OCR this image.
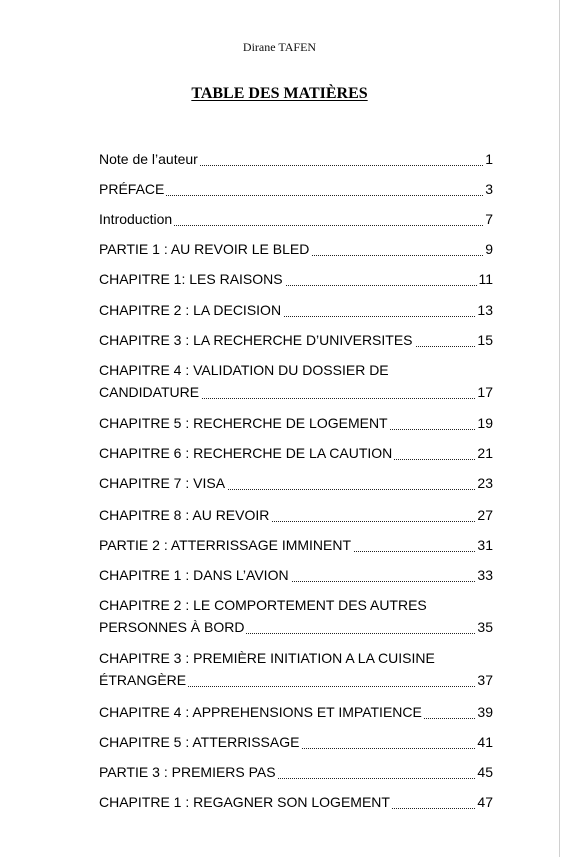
Dirane TAFEN
TABLE DES MATIÈRES
Note de l’auteur	1
PRÉFACE	3
Introduction	7
PARTIE 1 : AU REVOIR LE BLED	9
CHAPITRE 1: LES RAISONS	11
CHAPITRE 2 : LA DECISION	13
CHAPITRE 3 : LA RECHERCHE D’UNIVERSITES	15
CHAPITRE 4 : VALIDATION DU DOSSIER DE
CANDIDATURE	17
CHAPITRE 5 : RECHERCHE DE LOGEMENT	19
CHAPITRE 6 : RECHERCHE DE LA CAUTION	21
CHAPITRE 7 : VISA	23
CHAPITRE 8 : AU REVOIR	27
PARTIE 2 : ATTERRISSAGE IMMINENT	31
CHAPITRE 1 : DANS L’AVION	33
CHAPITRE 2 : LE COMPORTEMENT DES AUTRES
PERSONNES À BORD	35
CHAPITRE 3 : PREMIÈRE INITIATION A LA CUISINE
ÉTRANGÈRE	37
CHAPITRE 4 : APPREHENSIONS ET IMPATIENCE	39
CHAPITRE 5 : ATTERRISSAGE	41
PARTIE 3 : PREMIERS PAS	45
CHAPITRE 1 : REGAGNER SON LOGEMENT	47
